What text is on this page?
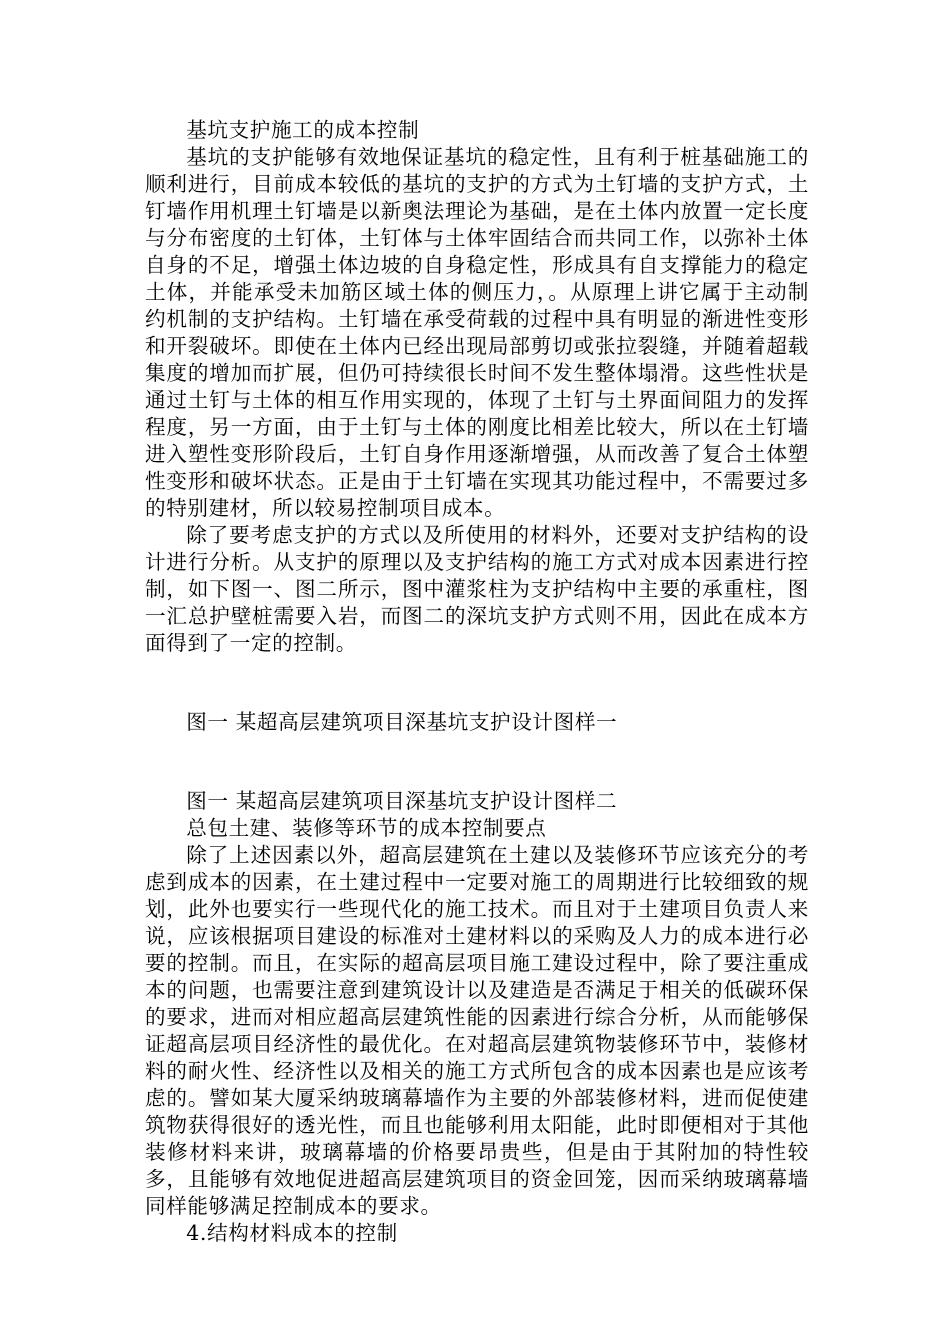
基坑支护施工的成本控制

基坑的支护能够有效地保证基坑的稳定性，且有利于桩基础施工的顺利进行，目前成本较低的基坑的支护的方式为土钉墙的支护方式，土钉墙作用机理土钉墙是以新奥法理论为基础，是在土体内放置一定长度与分布密度的土钉体，土钉体与土体牢固结合而共同工作，以弥补土体自身的不足，增强土体边坡的自身稳定性，形成具有自支撑能力的稳定土体，并能承受未加筋区域土体的侧压力，。从原理上讲它属于主动制约机制的支护结构。土钉墙在承受荷载的过程中具有明显的渐进性变形和开裂破坏。即使在土体内已经出现局部剪切或张拉裂缝，并随着超载集度的增加而扩展，但仍可持续很长时间不发生整体塌滑。这些性状是通过土钉与土体的相互作用实现的，体现了土钉与土界面间阻力的发挥程度，另一方面，由于土钉与土体的刚度比相差比较大，所以在土钉墙进入塑性变形阶段后，土钉自身作用逐渐增强，从而改善了复合土体塑性变形和破坏状态。正是由于土钉墙在实现其功能过程中，不需要过多的特别建材，所以较易控制项目成本。

除了要考虑支护的方式以及所使用的材料外，还要对支护结构的设计进行分析。从支护的原理以及支护结构的施工方式对成本因素进行控制，如下图一、图二所示，图中灌浆柱为支护结构中主要的承重柱，图一汇总护壁桩需要入岩，而图二的深坑支护方式则不用，因此在成本方面得到了一定的控制。

图一 某超高层建筑项目深基坑支护设计图样一

图一 某超高层建筑项目深基坑支护设计图样二

总包土建、装修等环节的成本控制要点

除了上述因素以外，超高层建筑在土建以及装修环节应该充分的考虑到成本的因素，在土建过程中一定要对施工的周期进行比较细致的规划，此外也要实行一些现代化的施工技术。而且对于土建项目负责人来说，应该根据项目建设的标准对土建材料以的采购及人力的成本进行必要的控制。而且，在实际的超高层项目施工建设过程中，除了要注重成本的问题，也需要注意到建筑设计以及建造是否满足于相关的低碳环保的要求，进而对相应超高层建筑性能的因素进行综合分析，从而能够保证超高层项目经济性的最优化。在对超高层建筑物装修环节中，装修材料的耐火性、经济性以及相关的施工方式所包含的成本因素也是应该考虑的。譬如某大厦采纳玻璃幕墙作为主要的外部装修材料，进而促使建筑物获得很好的透光性，而且也能够利用太阳能，此时即便相对于其他装修材料来讲，玻璃幕墙的价格要昂贵些，但是由于其附加的特性较多，且能够有效地促进超高层建筑项目的资金回笼，因而采纳玻璃幕墙同样能够满足控制成本的要求。

4.结构材料成本的控制
